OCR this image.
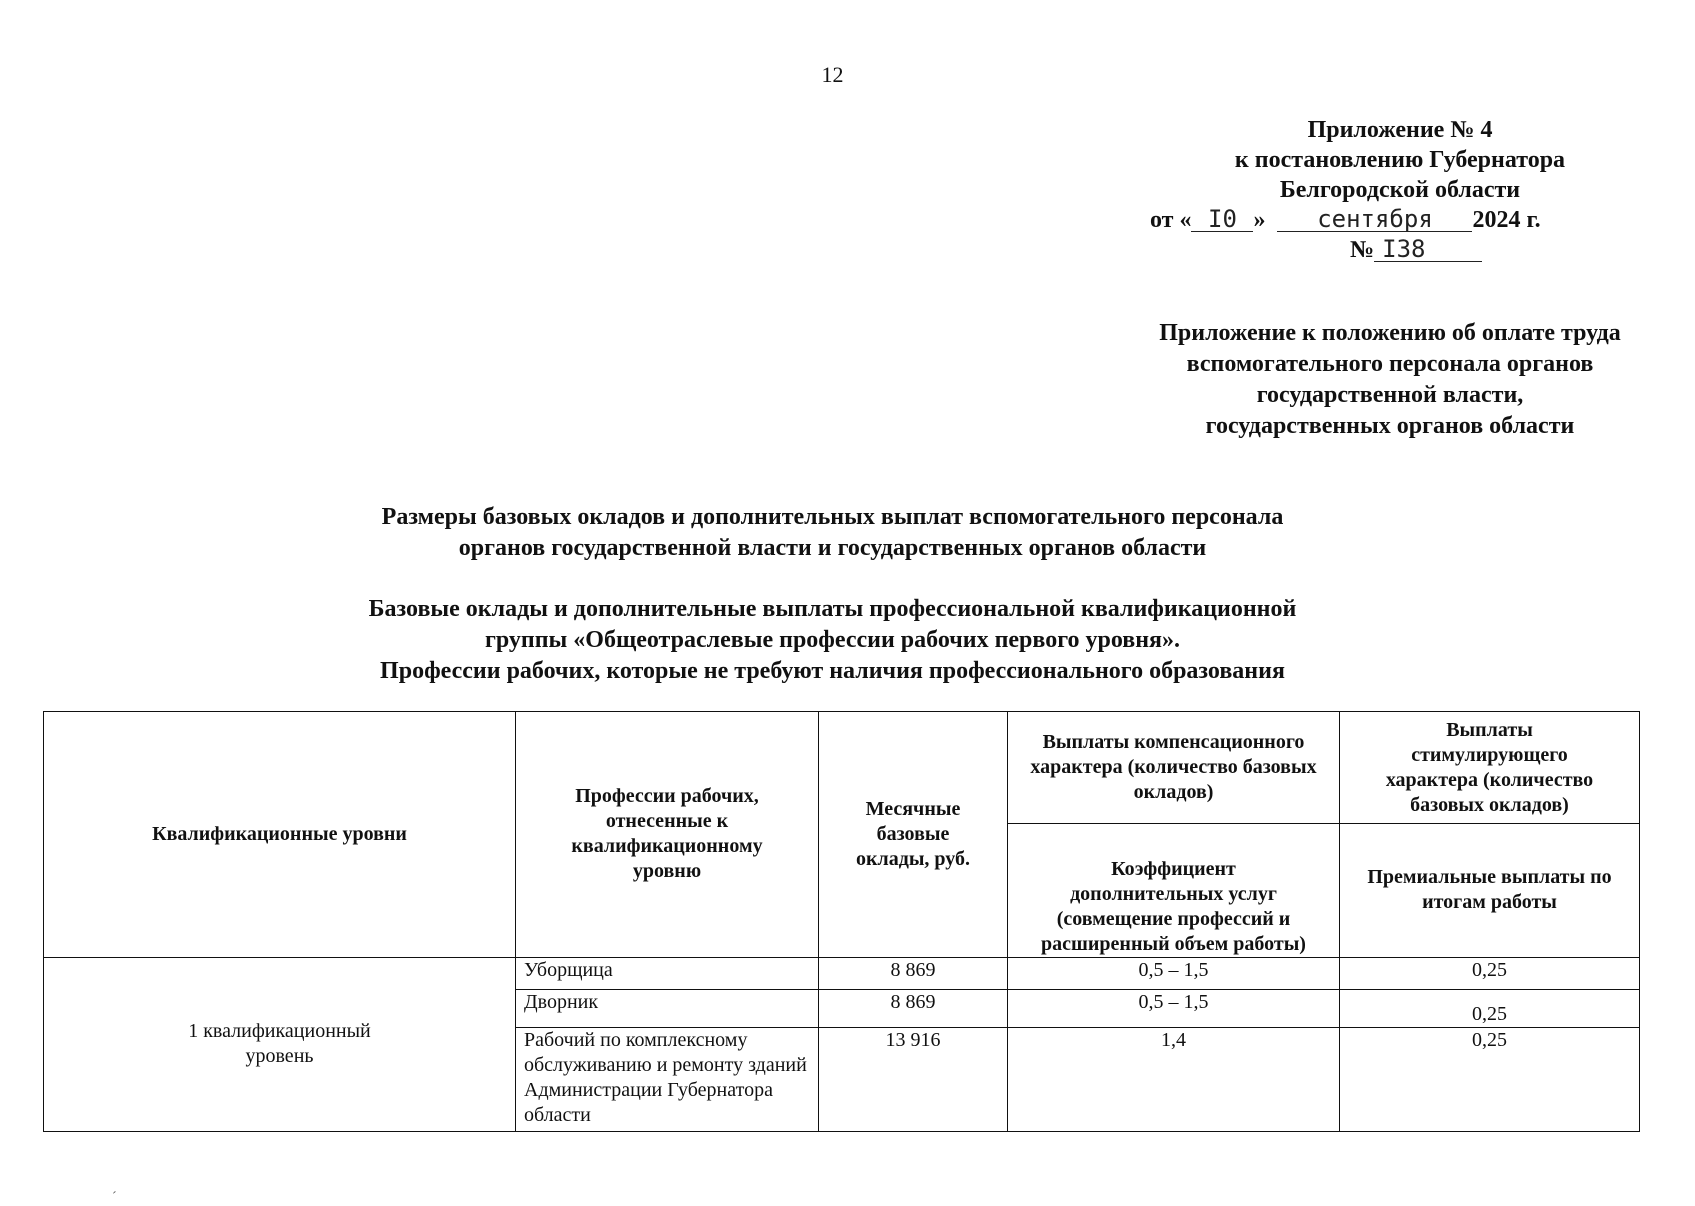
12
Приложение № 4
к постановлению Губернатора
Белгородской области
от « I0 » сентября 2024 г.
№ I38
Приложение к положению об оплате труда
вспомогательного персонала органов
государственной власти,
государственных органов области
Размеры базовых окладов и дополнительных выплат вспомогательного персонала
органов государственной власти и государственных органов области
Базовые оклады и дополнительные выплаты профессиональной квалификационной
группы «Общеотраслевые профессии рабочих первого уровня».
Профессии рабочих, которые не требуют наличия профессионального образования
Квалификационные уровни	Профессии рабочих, отнесенные к квалификационному уровню	Месячные базовые оклады, руб.	Выплаты компенсационного характера (количество базовых окладов)	Выплаты стимулирующего характера (количество базовых окладов)
			Коэффициент дополнительных услуг (совмещение профессий и расширенный объем работы)	Премиальные выплаты по итогам работы
1 квалификационный уровень	Уборщица	8 869	0,5 – 1,5	0,25
	Дворник	8 869	0,5 – 1,5	0,25
	Рабочий по комплексному обслуживанию и ремонту зданий Администрации Губернатора области	13 916	1,4	0,25
ˊ
